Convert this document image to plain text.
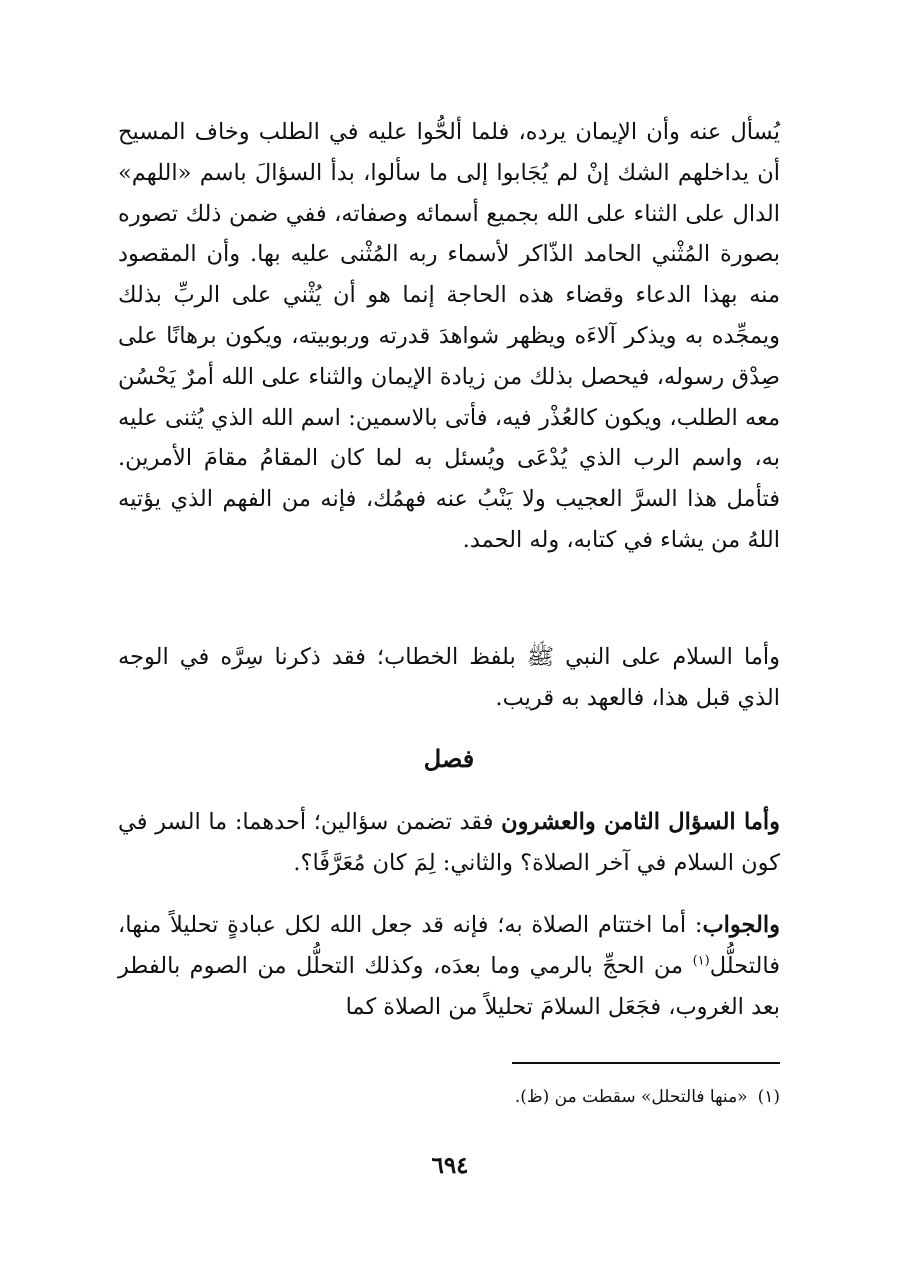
يُسأل عنه وأن الإيمان يرده، فلما ألحُّوا عليه في الطلب وخاف المسيح أن يداخلهم الشك إنْ لم يُجَابوا إلى ما سألوا، بدأ السؤالَ باسم «اللهم» الدال على الثناء على الله بجميع أسمائه وصفاته، ففي ضمن ذلك تصوره بصورة المُثْني الحامد الذّاكر لأسماء ربه المُثْنى عليه بها. وأن المقصود منه بهذا الدعاء وقضاء هذه الحاجة إنما هو أن يُثْني على الربِّ بذلك ويمجِّده به ويذكر آلاءَه ويظهر شواهدَ قدرته وربوبيته، ويكون برهانًا على صِدْق رسوله، فيحصل بذلك من زيادة الإيمان والثناء على الله أمرٌ يَحْسُن معه الطلب، ويكون كالعُذْر فيه، فأتى بالاسمين: اسم الله الذي يُثنى عليه به، واسم الرب الذي يُدْعَى ويُسئل به لما كان المقامُ مقامَ الأمرين. فتأمل هذا السرَّ العجيب ولا يَنْبُ عنه فهمُك، فإنه من الفهم الذي يؤتيه اللهُ من يشاء في كتابه، وله الحمد.

وأما السلام على النبي ﷺ بلفظ الخطاب؛ فقد ذكرنا سِرَّه في الوجه الذي قبل هذا، فالعهد به قريب.

فصل

وأما السؤال الثامن والعشرون فقد تضمن سؤالين؛ أحدهما: ما السر في كون السلام في آخر الصلاة؟ والثاني: لِمَ كان مُعَرَّفًا؟.

والجواب: أما اختتام الصلاة به؛ فإنه قد جعل الله لكل عبادةٍ تحليلاً منها، فالتحلُّل$^{(١)}$ من الحجِّ بالرمي وما بعدَه، وكذلك التحلُّل من الصوم بالفطر بعد الغروب، فجَعَل السلامَ تحليلاً من الصلاة كما

(١)«منها فالتحلل» سقطت من (ظ).
٦٩٤
